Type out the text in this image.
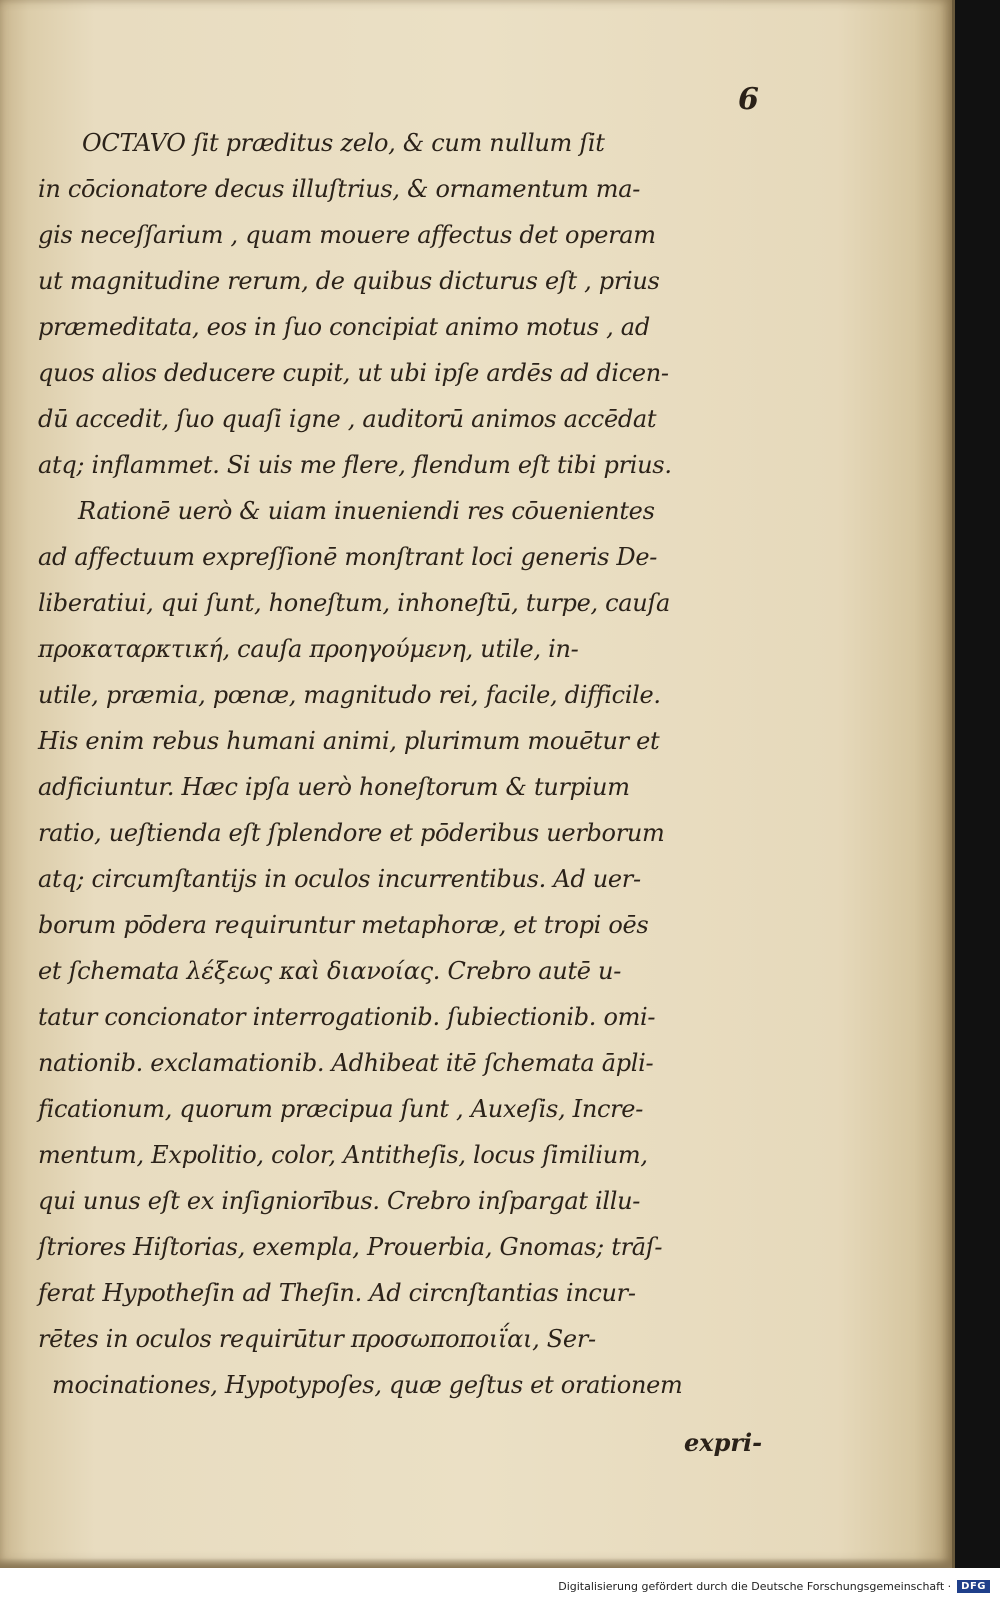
6
OCTAVO ſit præditus zelo, & cum nullum ſit
in cōcionatore decus illuſtrius, & ornamentum ma-
gis neceſſarium , quam mouere affectus det operam
ut magnitudine rerum, de quibus dicturus eſt , prius
præmeditata, eos in ſuo concipiat animo motus , ad
quos alios deducere cupit, ut ubi ipſe ardēs ad dicen-
dū accedit, ſuo quaſi igne , auditorū animos accēdat
atq; inflammet. Si uis me flere, flendum eſt tibi prius.
Rationē uerò & uiam inueniendi res cōuenientes
ad affectuum expreſſionē monſtrant loci generis De-
liberatiui, qui ſunt, honeſtum, inhoneſtū, turpe, cauſa
προκαταρκτική, cauſa προηγούμενη, utile, in-
utile, præmia, pœnæ, magnitudo rei, facile, difficile.
His enim rebus humani animi, plurimum mouētur et
adficiuntur. Hæc ipſa uerò honeſtorum & turpium
ratio, ueſtienda eſt ſplendore et pōderibus uerborum
atq; circumſtantijs in oculos incurrentibus. Ad uer-
borum pōdera requiruntur metaphoræ, et tropi oēs
et ſchemata λέξεως καὶ διανοίας. Crebro autē u-
tatur concionator interrogationib. ſubiectionib. omi-
nationib. exclamationib. Adhibeat itē ſchemata āpli-
ficationum, quorum præcipua ſunt , Auxeſis, Incre-
mentum, Expolitio, color, Antitheſis, locus ſimilium,
qui unus eſt ex inſigniorībus. Crebro inſpargat illu-
ſtriores Hiſtorias, exempla, Prouerbia, Gnomas; trāſ-
ferat Hypotheſin ad Theſin. Ad circnſtantias incur-
rētes in oculos requirūtur προσωποποιΐαι, Ser-
mocinationes, Hypotypoſes, quæ geſtus et orationem
expri-
Digitalisierung gefördert durch die Deutsche Forschungsgemeinschaft ·	DFG
